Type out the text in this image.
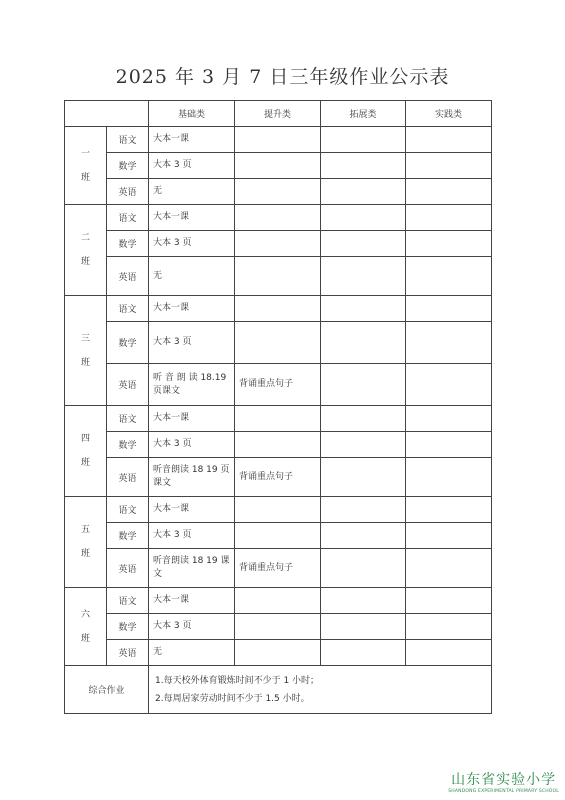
2025 年 3 月 7 日三年级作业公示表
		基础类	提升类	拓展类	实践类

一
班	语文	大本一课			
	数学	大本 3 页			
	英语	无			

二
班	语文	大本一课			
	数学	大本 3 页			
	英语	无			

三
班	语文	大本一课			
	数学	大本 3 页			
	英语	听 音 朗 读 18.19 页课文	背诵重点句子		

四
班	语文	大本一课			
	数学	大本 3 页			
	英语	听音朗读 18 19 页课文	背诵重点句子		

五
班	语文	大本一课			
	数学	大本 3 页			
	英语	听音朗读 18 19 课文	背诵重点句子		

六
班	语文	大本一课			
	数学	大本 3 页			
	英语	无			
综合作业		1.每天校外体育锻炼时间不少于 1 小时；
2.每周居家劳动时间不少于 1.5 小时。			
山东省实验小学
SHANDONG EXPERIMENTAL PRIMARY SCHOOL
